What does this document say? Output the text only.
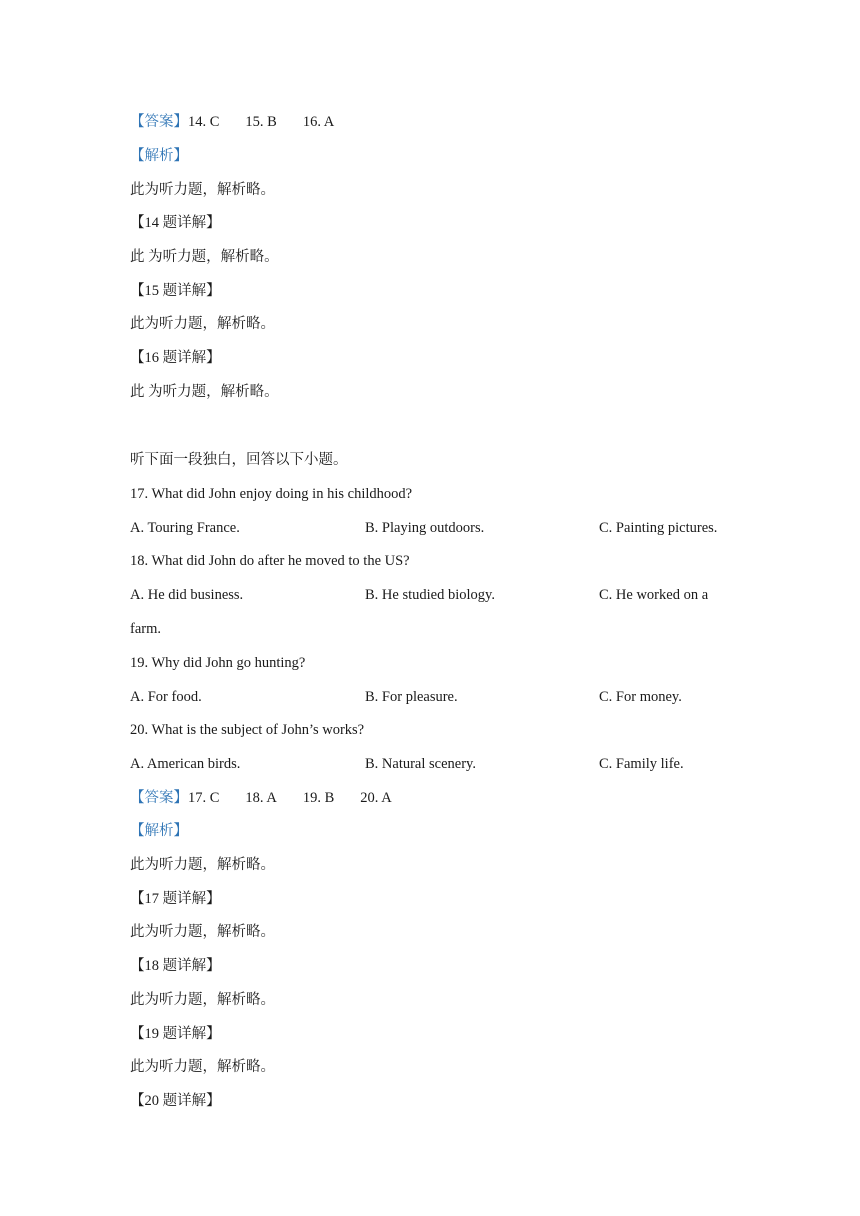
【答案】14. C 15. B 16. A
【解析】
此为听力题，解析略。
【14 题详解】
此 为听力题，解析略。
【15 题详解】
此为听力题，解析略。
【16 题详解】
此 为听力题，解析略。
听下面一段独白，回答以下小题。
17. What did John enjoy doing in his childhood?
A. Touring France.	B. Playing outdoors.	C. Painting pictures.
18. What did John do after he moved to the US?
A. He did business.	B. He studied biology.	C. He worked on a
farm.
19. Why did John go hunting?
A. For food.	B. For pleasure.	C. For money.
20. What is the subject of John’s works?
A. American birds.	B. Natural scenery.	C. Family life.
【答案】17. C 18. A 19. B 20. A
【解析】
此为听力题，解析略。
【17 题详解】
此为听力题，解析略。
【18 题详解】
此为听力题，解析略。
【19 题详解】
此为听力题，解析略。
【20 题详解】
